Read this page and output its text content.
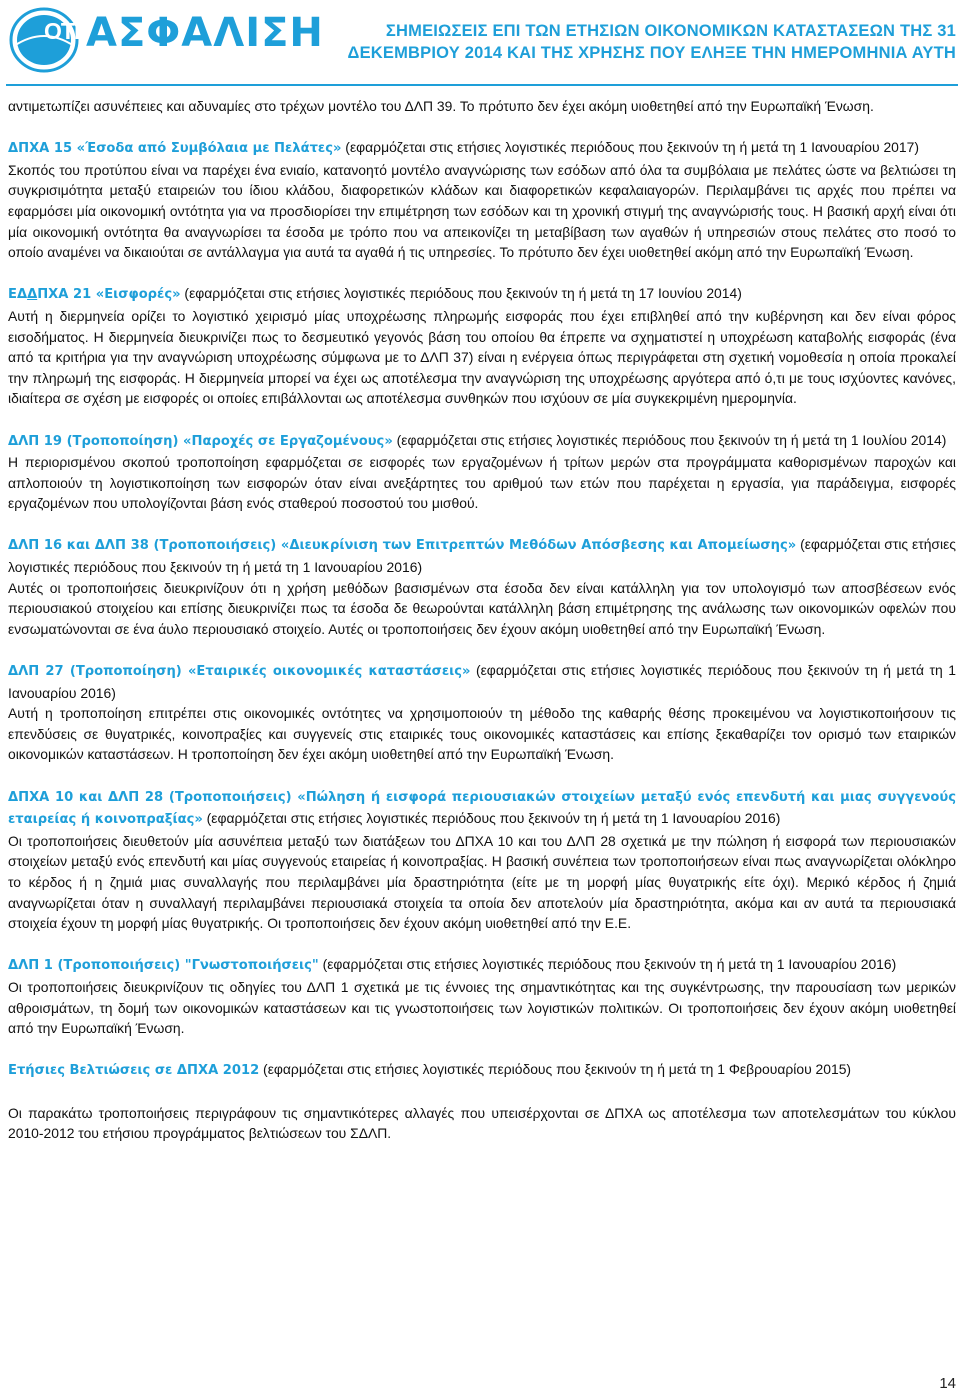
ΟΤΕ
ΑΣΦΑΛΙΣΗ	ΣΗΜΕΙΩΣΕΙΣ ΕΠΙ ΤΩΝ ΕΤΗΣΙΩΝ ΟΙΚΟΝΟΜΙΚΩΝ ΚΑΤΑΣΤΑΣΕΩΝ ΤΗΣ 31
ΔΕΚΕΜΒΡΙΟΥ 2014 ΚΑΙ ΤΗΣ ΧΡΗΣΗΣ ΠΟΥ ΕΛΗΞΕ ΤΗΝ ΗΜΕΡΟΜΗΝΙΑ ΑΥΤΗ

αντιμετωπίζει ασυνέπειες και αδυναμίες στο τρέχων μοντέλο του ΔΛΠ 39. Το πρότυπο δεν έχει ακόμη υιοθετηθεί από την Ευρωπαϊκή Ένωση.

ΔΠΧΑ 15 «Έσοδα από Συμβόλαια με Πελάτες» (εφαρμόζεται στις ετήσιες λογιστικές περιόδους που ξεκινούν τη ή μετά τη 1 Ιανουαρίου 2017)

Σκοπός του προτύπου είναι να παρέχει ένα ενιαίο, κατανοητό μοντέλο αναγνώρισης των εσόδων από όλα τα συμβόλαια με πελάτες ώστε να βελτιώσει τη συγκρισιμότητα μεταξύ εταιρειών του ίδιου κλάδου, διαφορετικών κλάδων και διαφορετικών κεφαλαιαγορών. Περιλαμβάνει τις αρχές που πρέπει να εφαρμόσει μία οικονομική οντότητα για να προσδιορίσει την επιμέτρηση των εσόδων και τη χρονική στιγμή της αναγνώρισής τους. Η βασική αρχή είναι ότι μία οικονομική οντότητα θα αναγνωρίσει τα έσοδα με τρόπο που να απεικονίζει τη μεταβίβαση των αγαθών ή υπηρεσιών στους πελάτες στο ποσό το οποίο αναμένει να δικαιούται σε αντάλλαγμα για αυτά τα αγαθά ή τις υπηρεσίες. Το πρότυπο δεν έχει υιοθετηθεί ακόμη από την Ευρωπαϊκή Ένωση.

ΕΔΔΠΧΑ 21 «Εισφορές» (εφαρμόζεται στις ετήσιες λογιστικές περιόδους που ξεκινούν τη ή μετά τη 17 Ιουνίου 2014)

Αυτή η διερμηνεία ορίζει το λογιστικό χειρισμό μίας υποχρέωσης πληρωμής εισφοράς που έχει επιβληθεί από την κυβέρνηση και δεν είναι φόρος εισοδήματος. Η διερμηνεία διευκρινίζει πως το δεσμευτικό γεγονός βάση του οποίου θα έπρεπε να σχηματιστεί η υποχρέωση καταβολής εισφοράς (ένα από τα κριτήρια για την αναγνώριση υποχρέωσης σύμφωνα με το ΔΛΠ 37) είναι η ενέργεια όπως περιγράφεται στη σχετική νομοθεσία η οποία προκαλεί την πληρωμή της εισφοράς. Η διερμηνεία μπορεί να έχει ως αποτέλεσμα την αναγνώριση της υποχρέωσης αργότερα από ό,τι με τους ισχύοντες κανόνες, ιδιαίτερα σε σχέση με εισφορές οι οποίες επιβάλλονται ως αποτέλεσμα συνθηκών που ισχύουν σε μία συγκεκριμένη ημερομηνία.

ΔΛΠ 19 (Τροποποίηση) «Παροχές σε Εργαζομένους» (εφαρμόζεται στις ετήσιες λογιστικές περιόδους που ξεκινούν τη ή μετά τη 1 Ιουλίου 2014)

Η περιορισμένου σκοπού τροποποίηση εφαρμόζεται σε εισφορές των εργαζομένων ή τρίτων μερών στα προγράμματα καθορισμένων παροχών και απλοποιούν τη λογιστικοποίηση των εισφορών όταν είναι ανεξάρτητες του αριθμού των ετών που παρέχεται η εργασία, για παράδειγμα, εισφορές εργαζομένων που υπολογίζονται βάση ενός σταθερού ποσοστού του μισθού.

ΔΛΠ 16 και ΔΛΠ 38 (Τροποποιήσεις) «Διευκρίνιση των Επιτρεπτών Μεθόδων Απόσβεσης και Απομείωσης» (εφαρμόζεται στις ετήσιες λογιστικές περιόδους που ξεκινούν τη ή μετά τη 1 Ιανουαρίου 2016)

Αυτές οι τροποποιήσεις διευκρινίζουν ότι η χρήση μεθόδων βασισμένων στα έσοδα δεν είναι κατάλληλη για τον υπολογισμό των αποσβέσεων ενός περιουσιακού στοιχείου και επίσης διευκρινίζει πως τα έσοδα δε θεωρούνται κατάλληλη βάση επιμέτρησης της ανάλωσης των οικονομικών οφελών που ενσωματώνονται σε ένα άυλο περιουσιακό στοιχείο. Αυτές οι τροποποιήσεις δεν έχουν ακόμη υιοθετηθεί από την Ευρωπαϊκή Ένωση.

ΔΛΠ 27 (Τροποποίηση) «Εταιρικές οικονομικές καταστάσεις» (εφαρμόζεται στις ετήσιες λογιστικές περιόδους που ξεκινούν τη ή μετά τη 1 Ιανουαρίου 2016)

Αυτή η τροποποίηση επιτρέπει στις οικονομικές οντότητες να χρησιμοποιούν τη μέθοδο της καθαρής θέσης προκειμένου να λογιστικοποιήσουν τις επενδύσεις σε θυγατρικές, κοινοπραξίες και συγγενείς στις εταιρικές τους οικονομικές καταστάσεις και επίσης ξεκαθαρίζει τον ορισμό των εταιρικών οικονομικών καταστάσεων. Η τροποποίηση δεν έχει ακόμη υιοθετηθεί από την Ευρωπαϊκή Ένωση.

ΔΠΧΑ 10 και ΔΛΠ 28 (Τροποποιήσεις) «Πώληση ή εισφορά περιουσιακών στοιχείων μεταξύ ενός επενδυτή και μιας συγγενούς εταιρείας ή κοινοπραξίας» (εφαρμόζεται στις ετήσιες λογιστικές περιόδους που ξεκινούν τη ή μετά τη 1 Ιανουαρίου 2016)

Οι τροποποιήσεις διευθετούν μία ασυνέπεια μεταξύ των διατάξεων του ΔΠΧΑ 10 και του ΔΛΠ 28 σχετικά με την πώληση ή εισφορά των περιουσιακών στοιχείων μεταξύ ενός επενδυτή και μίας συγγενούς εταιρείας ή κοινοπραξίας. Η βασική συνέπεια των τροποποιήσεων είναι πως αναγνωρίζεται ολόκληρο το κέρδος ή η ζημιά μιας συναλλαγής που περιλαμβάνει μία δραστηριότητα (είτε με τη μορφή μίας θυγατρικής είτε όχι). Μερικό κέρδος ή ζημιά αναγνωρίζεται όταν η συναλλαγή περιλαμβάνει περιουσιακά στοιχεία τα οποία δεν αποτελούν μία δραστηριότητα, ακόμα και αν αυτά τα περιουσιακά στοιχεία έχουν τη μορφή μίας θυγατρικής. Οι τροποποιήσεις δεν έχουν ακόμη υιοθετηθεί από την Ε.Ε.

ΔΛΠ 1 (Τροποποιήσεις) "Γνωστοποιήσεις" (εφαρμόζεται στις ετήσιες λογιστικές περιόδους που ξεκινούν τη ή μετά τη 1 Ιανουαρίου 2016)

Οι τροποποιήσεις διευκρινίζουν τις οδηγίες του ΔΛΠ 1 σχετικά με τις έννοιες της σημαντικότητας και της συγκέντρωσης, την παρουσίαση των μερικών αθροισμάτων, τη δομή των οικονομικών καταστάσεων και τις γνωστοποιήσεις των λογιστικών πολιτικών. Οι τροποποιήσεις δεν έχουν ακόμη υιοθετηθεί από την Ευρωπαϊκή Ένωση.

Ετήσιες Βελτιώσεις σε ΔΠΧΑ 2012 (εφαρμόζεται στις ετήσιες λογιστικές περιόδους που ξεκινούν τη ή μετά τη 1 Φεβρουαρίου 2015)

Οι παρακάτω τροποποιήσεις περιγράφουν τις σημαντικότερες αλλαγές που υπεισέρχονται σε ΔΠΧΑ ως αποτέλεσμα των αποτελεσμάτων του κύκλου 2010-2012 του ετήσιου προγράμματος βελτιώσεων του ΣΔΛΠ.

14
